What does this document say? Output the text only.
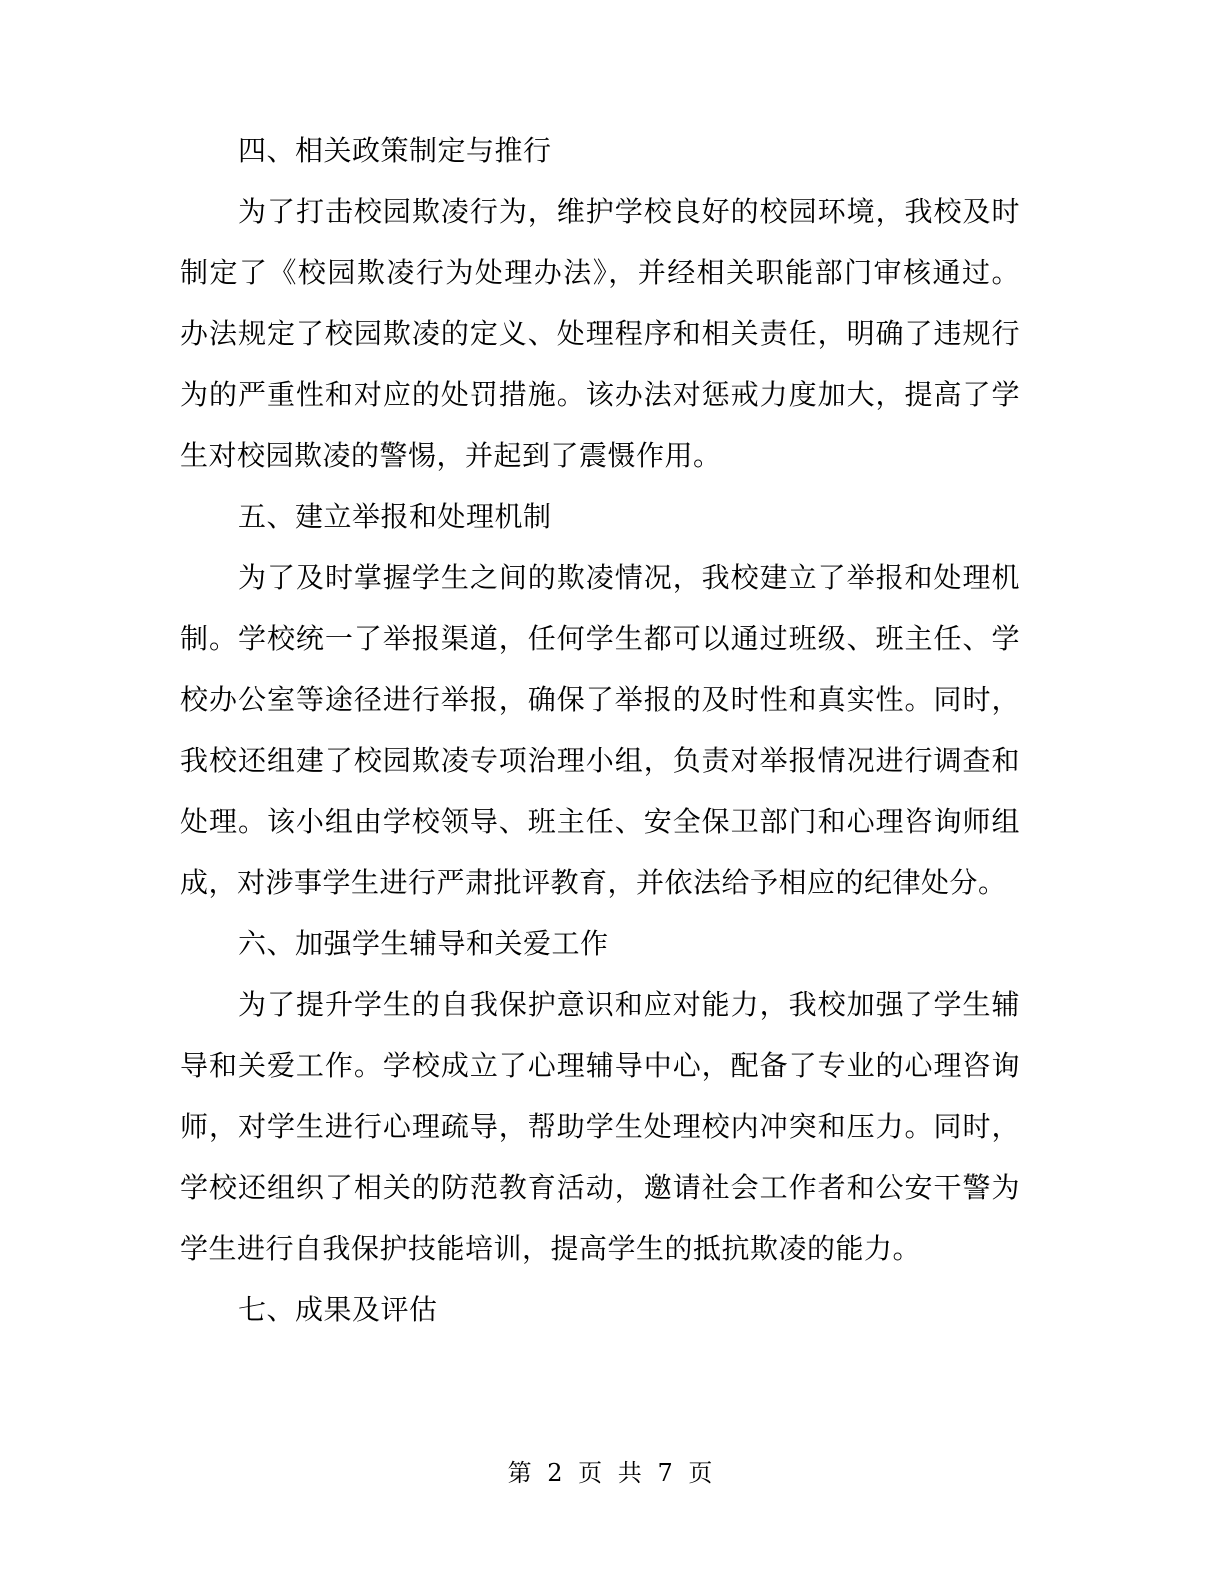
四、相关政策制定与推行

为了打击校园欺凌行为，维护学校良好的校园环境，我校及时制定了《校园欺凌行为处理办法》，并经相关职能部门审核通过。办法规定了校园欺凌的定义、处理程序和相关责任，明确了违规行为的严重性和对应的处罚措施。该办法对惩戒力度加大，提高了学生对校园欺凌的警惕，并起到了震慑作用。

五、建立举报和处理机制

为了及时掌握学生之间的欺凌情况，我校建立了举报和处理机制。学校统一了举报渠道，任何学生都可以通过班级、班主任、学校办公室等途径进行举报，确保了举报的及时性和真实性。同时，我校还组建了校园欺凌专项治理小组，负责对举报情况进行调查和处理。该小组由学校领导、班主任、安全保卫部门和心理咨询师组成，对涉事学生进行严肃批评教育，并依法给予相应的纪律处分。

六、加强学生辅导和关爱工作

为了提升学生的自我保护意识和应对能力，我校加强了学生辅导和关爱工作。学校成立了心理辅导中心，配备了专业的心理咨询师，对学生进行心理疏导，帮助学生处理校内冲突和压力。同时，学校还组织了相关的防范教育活动，邀请社会工作者和公安干警为学生进行自我保护技能培训，提高学生的抵抗欺凌的能力。

七、成果及评估

第 2 页 共 7 页
